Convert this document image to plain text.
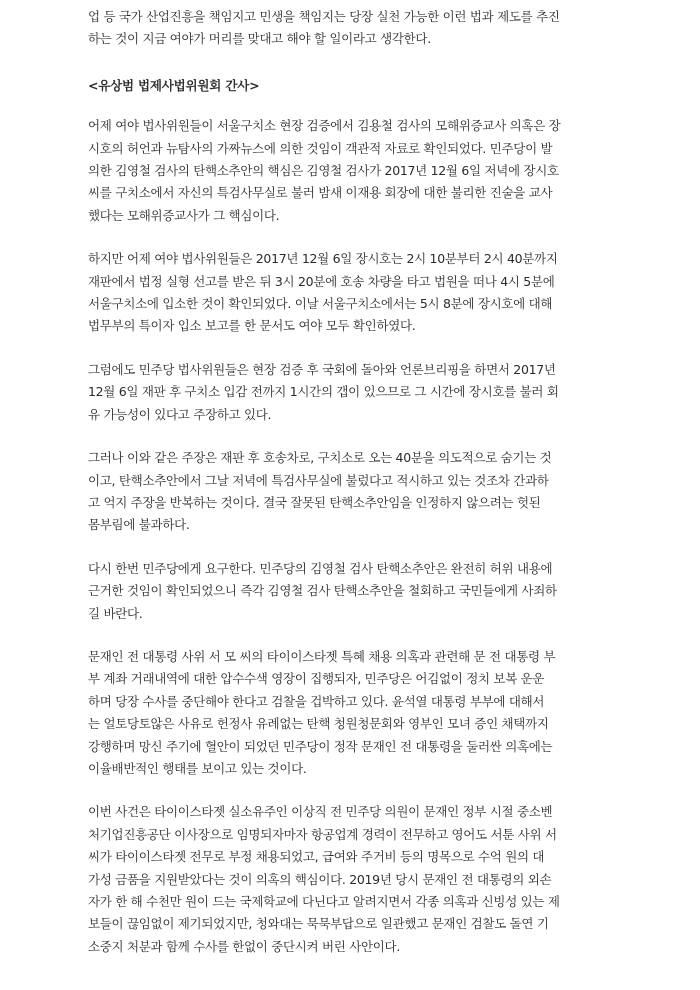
업 등 국가 산업진흥을 책임지고 민생을 책임지는 당장 실천 가능한 이런 법과 제도를 추진
하는 것이 지금 여야가 머리를 맞대고 해야 할 일이라고 생각한다.

<유상범 법제사법위원회 간사>

어제 여야 법사위원들이 서울구치소 현장 검증에서 김용철 검사의 모해위증교사 의혹은 장
시호의 허언과 뉴탐사의 가짜뉴스에 의한 것임이 객관적 자료로 확인되었다. 민주당이 발
의한 김영철 검사의 탄핵소추안의 핵심은 김영철 검사가 2017년 12월 6일 저녁에 장시호
씨를 구치소에서 자신의 특검사무실로 불러 밤새 이재용 회장에 대한 불리한 진술을 교사
했다는 모해위증교사가 그 핵심이다.

하지만 어제 여야 법사위원들은 2017년 12월 6일 장시호는 2시 10분부터 2시 40분까지
재판에서 법정 실형 선고를 받은 뒤 3시 20분에 호송 차량을 타고 법원을 떠나 4시 5분에
서울구치소에 입소한 것이 확인되었다. 이날 서울구치소에서는 5시 8분에 장시호에 대해
법무부의 특이자 입소 보고를 한 문서도 여야 모두 확인하였다.

그럼에도 민주당 법사위원들은 현장 검증 후 국회에 돌아와 언론브리핑을 하면서 2017년
12월 6일 재판 후 구치소 입감 전까지 1시간의 갭이 있으므로 그 시간에 장시호를 불러 회
유 가능성이 있다고 주장하고 있다.

그러나 이와 같은 주장은 재판 후 호송차로, 구치소로 오는 40분을 의도적으로 숨기는 것
이고, 탄핵소추안에서 그날 저녁에 특검사무실에 불렀다고 적시하고 있는 것조차 간과하
고 억지 주장을 반복하는 것이다. 결국 잘못된 탄핵소추안임을 인정하지 않으려는 헛된
몸부림에 불과하다.

다시 한번 민주당에게 요구한다. 민주당의 김영철 검사 탄핵소추안은 완전히 허위 내용에
근거한 것임이 확인되었으니 즉각 김영철 검사 탄핵소추안을 철회하고 국민들에게 사죄하
길 바란다.

문재인 전 대통령 사위 서 모 씨의 타이이스타젯 특혜 채용 의혹과 관련해 문 전 대통령 부
부 계좌 거래내역에 대한 압수수색 영장이 집행되자, 민주당은 어김없이 정치 보복 운운
하며 당장 수사를 중단해야 한다고 검찰을 겁박하고 있다. 윤석열 대통령 부부에 대해서
는 얼토당토않은 사유로 헌정사 유례없는 탄핵 청원청문회와 영부인 모녀 증인 채택까지
강행하며 망신 주기에 혈안이 되었던 민주당이 정작 문재인 전 대통령을 둘러싼 의혹에는
이율배반적인 행태를 보이고 있는 것이다.

이번 사건은 타이이스타젯 실소유주인 이상직 전 민주당 의원이 문재인 정부 시절 중소벤
처기업진흥공단 이사장으로 임명되자마자 항공업계 경력이 전무하고 영어도 서툰 사위 서
씨가 타이이스타젯 전무로 부정 채용되었고, 급여와 주거비 등의 명목으로 수억 원의 대
가성 금품을 지원받았다는 것이 의혹의 핵심이다. 2019년 당시 문재인 전 대통령의 외손
자가 한 해 수천만 원이 드는 국제학교에 다닌다고 알려지면서 각종 의혹과 신빙성 있는 제
보들이 끊임없이 제기되었지만, 청와대는 묵묵부답으로 일관했고 문재인 검찰도 돌연 기
소중지 처분과 함께 수사를 한없이 중단시켜 버린 사안이다.
